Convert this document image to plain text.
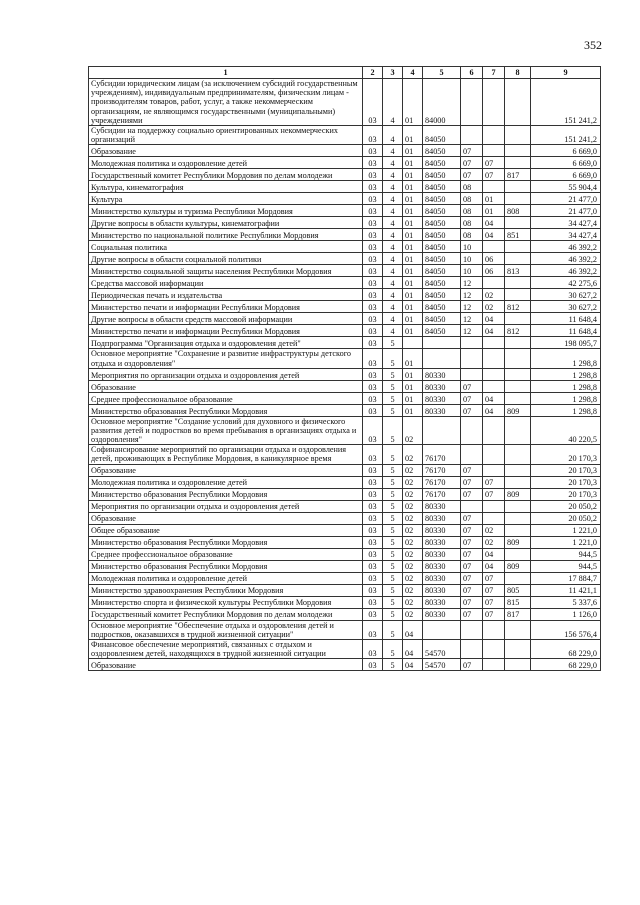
352
1	2	3	4	5	6	7	8	9
Субсидии юридическим лицам (за исключением субсидий государственным учреждениям), индивидуальным предпринимателям, физическим лицам - производителям товаров, работ, услуг, а также некоммерческим организациям, не являющимся государственными (муниципальными) учреждениями	03	4	01	84000				151 241,2
Субсидии на поддержку социально ориентированных некоммерческих организаций	03	4	01	84050				151 241,2
Образование	03	4	01	84050	07			6 669,0
Молодежная политика и оздоровление детей	03	4	01	84050	07	07		6 669,0
Государственный комитет Республики Мордовия по делам молодежи	03	4	01	84050	07	07	817	6 669,0
Культура, кинематография	03	4	01	84050	08			55 904,4
Культура	03	4	01	84050	08	01		21 477,0
Министерство культуры и туризма Республики Мордовия	03	4	01	84050	08	01	808	21 477,0
Другие вопросы в области культуры, кинематографии	03	4	01	84050	08	04		34 427,4
Министерство по национальной политике Республики Мордовия	03	4	01	84050	08	04	851	34 427,4
Социальная политика	03	4	01	84050	10			46 392,2
Другие вопросы в области социальной политики	03	4	01	84050	10	06		46 392,2
Министерство социальной защиты населения Республики Мордовия	03	4	01	84050	10	06	813	46 392,2
Средства массовой информации	03	4	01	84050	12			42 275,6
Периодическая печать и издательства	03	4	01	84050	12	02		30 627,2
Министерство печати и информации Республики Мордовия	03	4	01	84050	12	02	812	30 627,2
Другие вопросы в области средств массовой информации	03	4	01	84050	12	04		11 648,4
Министерство печати и информации Республики Мордовия	03	4	01	84050	12	04	812	11 648,4
Подпрограмма "Организация отдыха и оздоровления детей"	03	5						198 095,7
Основное мероприятие "Сохранение и развитие инфраструктуры детского отдыха и оздоровления"	03	5	01					1 298,8
Мероприятия по организации отдыха и оздоровления детей	03	5	01	80330				1 298,8
Образование	03	5	01	80330	07			1 298,8
Среднее профессиональное образование	03	5	01	80330	07	04		1 298,8
Министерство образования Республики Мордовия	03	5	01	80330	07	04	809	1 298,8
Основное мероприятие "Создание условий для духовного и физического развития детей и подростков во время пребывания в организациях отдыха и оздоровления"	03	5	02					40 220,5
Софинансирование мероприятий по организации отдыха и оздоровления детей, проживающих в Республике Мордовия, в каникулярное время	03	5	02	76170				20 170,3
Образование	03	5	02	76170	07			20 170,3
Молодежная политика и оздоровление детей	03	5	02	76170	07	07		20 170,3
Министерство образования Республики Мордовия	03	5	02	76170	07	07	809	20 170,3
Мероприятия по организации отдыха и оздоровления детей	03	5	02	80330				20 050,2
Образование	03	5	02	80330	07			20 050,2
Общее образование	03	5	02	80330	07	02		1 221,0
Министерство образования Республики Мордовия	03	5	02	80330	07	02	809	1 221,0
Среднее профессиональное образование	03	5	02	80330	07	04		944,5
Министерство образования Республики Мордовия	03	5	02	80330	07	04	809	944,5
Молодежная политика и оздоровление детей	03	5	02	80330	07	07		17 884,7
Министерство здравоохранения Республики Мордовия	03	5	02	80330	07	07	805	11 421,1
Министерство спорта и физической культуры Республики Мордовия	03	5	02	80330	07	07	815	5 337,6
Государственный комитет Республики Мордовия по делам молодежи	03	5	02	80330	07	07	817	1 126,0
Основное мероприятие "Обеспечение отдыха и оздоровления детей и подростков, оказавшихся в трудной жизненной ситуации"	03	5	04					156 576,4
Финансовое обеспечение мероприятий, связанных с отдыхом и оздоровлением детей, находящихся в трудной жизненной ситуации	03	5	04	54570				68 229,0
Образование	03	5	04	54570	07			68 229,0
